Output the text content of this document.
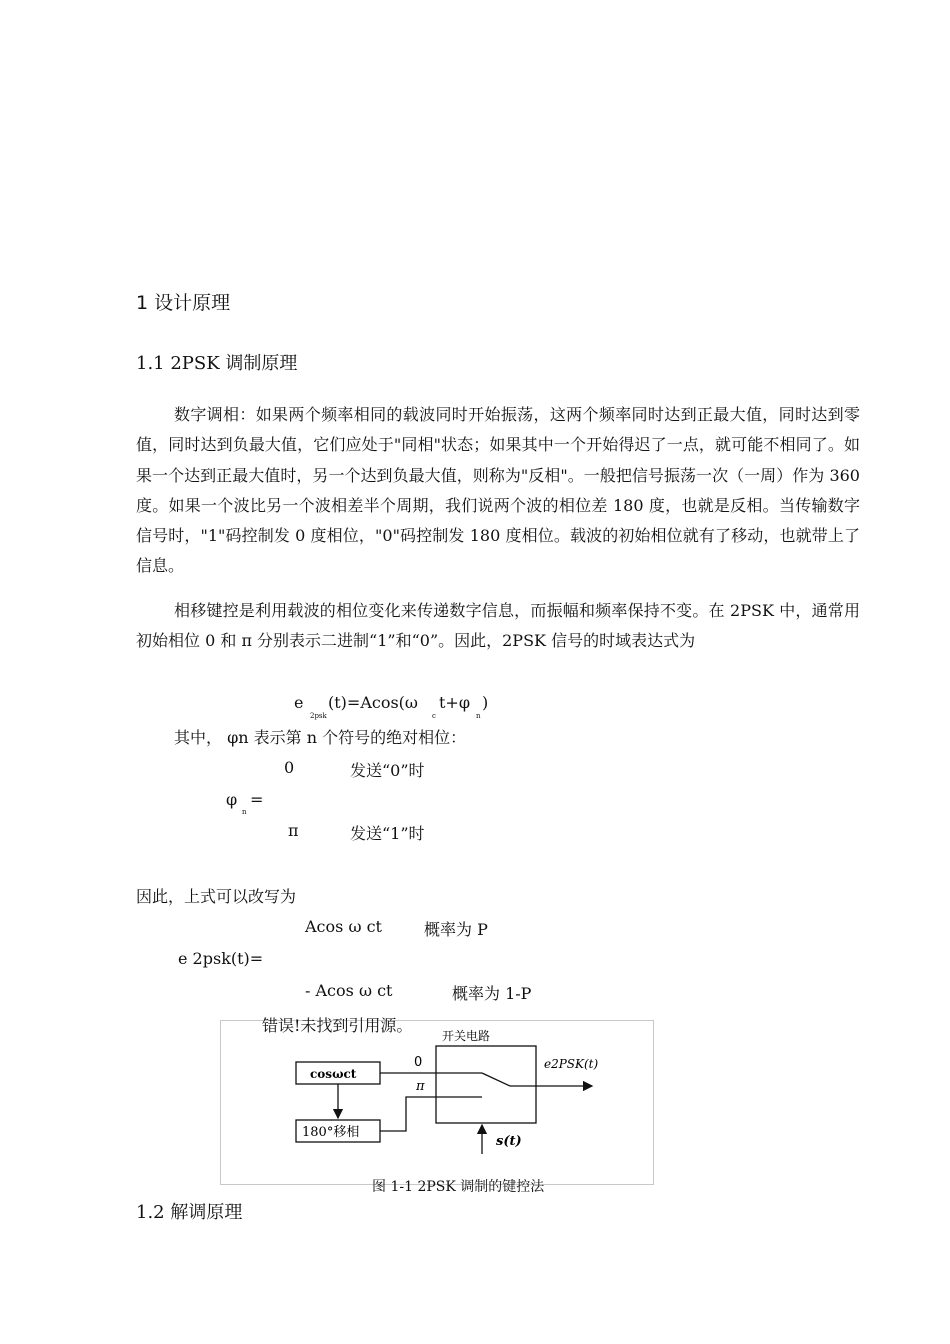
1 设计原理
1.1 2PSK 调制原理
数字调相：如果两个频率相同的载波同时开始振荡，这两个频率同时达到正最大值，同时达到零值，同时达到负最大值，它们应处于"同相"状态；如果其中一个开始得迟了一点，就可能不相同了。如果一个达到正最大值时，另一个达到负最大值，则称为"反相"。一般把信号振荡一次（一周）作为 360 度。如果一个波比另一个波相差半个周期，我们说两个波的相位差 180 度，也就是反相。当传输数字信号时，"1"码控制发 0 度相位，"0"码控制发 180 度相位。载波的初始相位就有了移动，也就带上了信息。
相移键控是利用载波的相位变化来传递数字信息，而振幅和频率保持不变。在 2PSK 中，通常用初始相位 0 和 π 分别表示二进制“1”和“0”。因此，2PSK 信号的时域表达式为
e
2psk
(t)=Acos(ω
c
t+φ
n
)
其中， φn 表示第 n 个符号的绝对相位：
0	发送“0”时
φ
n
=
π	发送“1”时
因此，上式可以改写为
Acos ω ct	概率为 P
e 2psk(t)=
- Acos ω ct	概率为 1-P
错误!未找到引用源。
开关电路
cosωct
180°移相
0
π
e2PSK(t)
s(t)
图 1-1 2PSK 调制的键控法
1.2 解调原理
